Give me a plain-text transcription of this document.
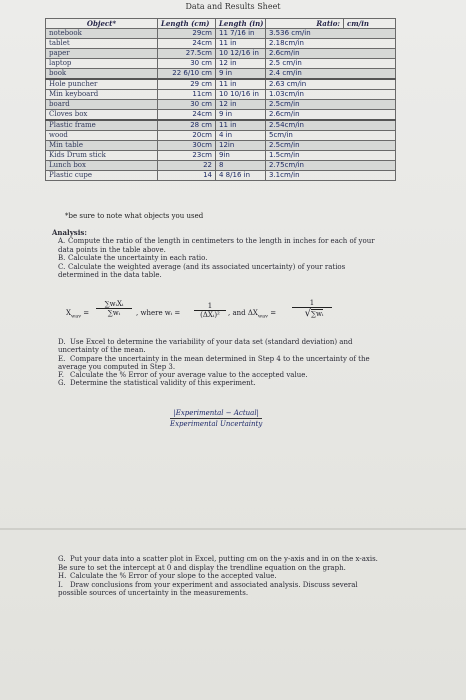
Data and Results Sheet
Object*	Length (cm)	Length (in)	Ratio:	cm/in
notebook	29cm	11 7/16 in	3.536 cm/in	
tablet	24cm	11 in	2.18cm/in	
paper	27.5cm	10 12/16 in	2.6cm/in	
laptop	30 cm	12 in	2.5 cm/in	
book	22 6/10 cm	9 in	2.4 cm/in	
Hole puncher	29 cm	11 in	2.63 cm/in	
Min keyboard	11cm	10 10/16 in	1.03cm/in	
board	30 cm	12 in	2.5cm/in	
Cloves box	24cm	9 in	2.6cm/in	
Plastic frame	28 cm	11 in	2.54cm/in	
wood	20cm	4 in	5cm/in	
Min table	30cm	12in	2.5cm/in	
Kids Drum stick	23cm	9in	1.5cm/in	
Lunch box	22	8	2.75cm/in	
Plastic cupe	14	4 8/16 in	3.1cm/in	
*be sure to note what objects you used
Analysis:
A. Compute the ratio of the length in centimeters to the length in inches for each of your data points in the table above.
B. Calculate the uncertainty in each ratio.
C. Calculate the weighted average (and its associated uncertainty) of your ratios determined in the data table.
$X_{wav}$ =
∑wᵢXᵢ
∑wᵢ	, where wᵢ =
1
(ΔXᵢ)²	, and $\Delta X_{wav} = \frac{1}{\text{√∑wᵢ}}$
D. Use Excel to determine the variability of your data set (standard deviation) and uncertainty of the mean.
E. Compare the uncertainty in the mean determined in Step 4 to the uncertainty of the average you computed in Step 3.
F. Calculate the % Error of your average value to the accepted value.
G. Determine the statistical validity of this experiment.
|Experimental − Actual|
Experimental Uncertainty
G. Put your data into a scatter plot in Excel, putting cm on the y-axis and in on the x-axis. Be sure to set the intercept at 0 and display the trendline equation on the graph.
H. Calculate the % Error of your slope to the accepted value.
I. Draw conclusions from your experiment and associated analysis. Discuss several possible sources of uncertainty in the measurements.
